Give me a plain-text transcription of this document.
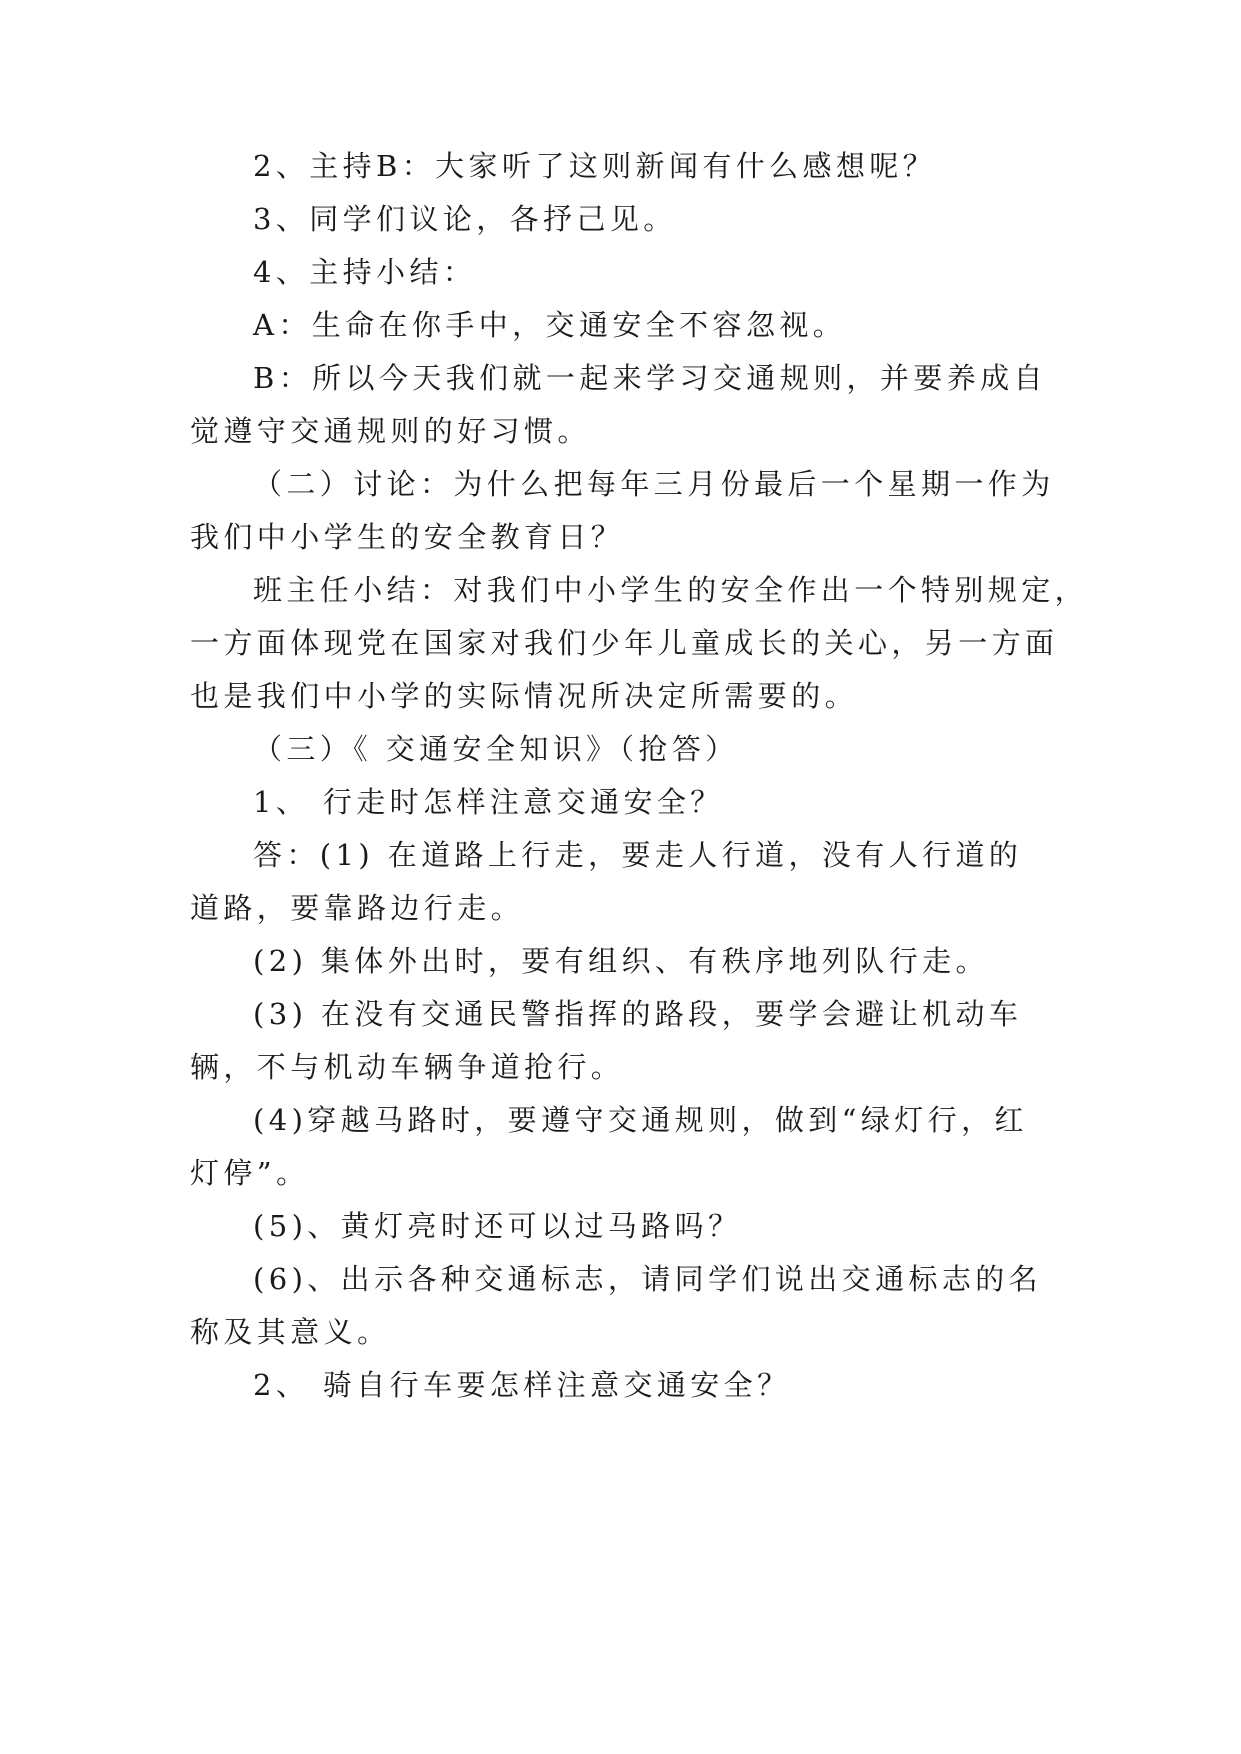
2、主持B：大家听了这则新闻有什么感想呢？
3、同学们议论，各抒己见。
4、主持小结：
A：生命在你手中，交通安全不容忽视。
B：所以今天我们就一起来学习交通规则，并要养成自
觉遵守交通规则的好习惯。
（二）讨论：为什么把每年三月份最后一个星期一作为
我们中小学生的安全教育日？
班主任小结：对我们中小学生的安全作出一个特别规定，
一方面体现党在国家对我们少年儿童成长的关心，另一方面
也是我们中小学的实际情况所决定所需要的。
（三）《 交通安全知识》（抢答）
1、 行走时怎样注意交通安全？
答：(1) 在道路上行走，要走人行道，没有人行道的
道路，要靠路边行走。
(2) 集体外出时，要有组织、有秩序地列队行走。
(3) 在没有交通民警指挥的路段，要学会避让机动车
辆，不与机动车辆争道抢行。
(4)穿越马路时，要遵守交通规则，做到“绿灯行，红
灯停”。
(5)、黄灯亮时还可以过马路吗？
(6)、出示各种交通标志，请同学们说出交通标志的名
称及其意义。
2、 骑自行车要怎样注意交通安全？
